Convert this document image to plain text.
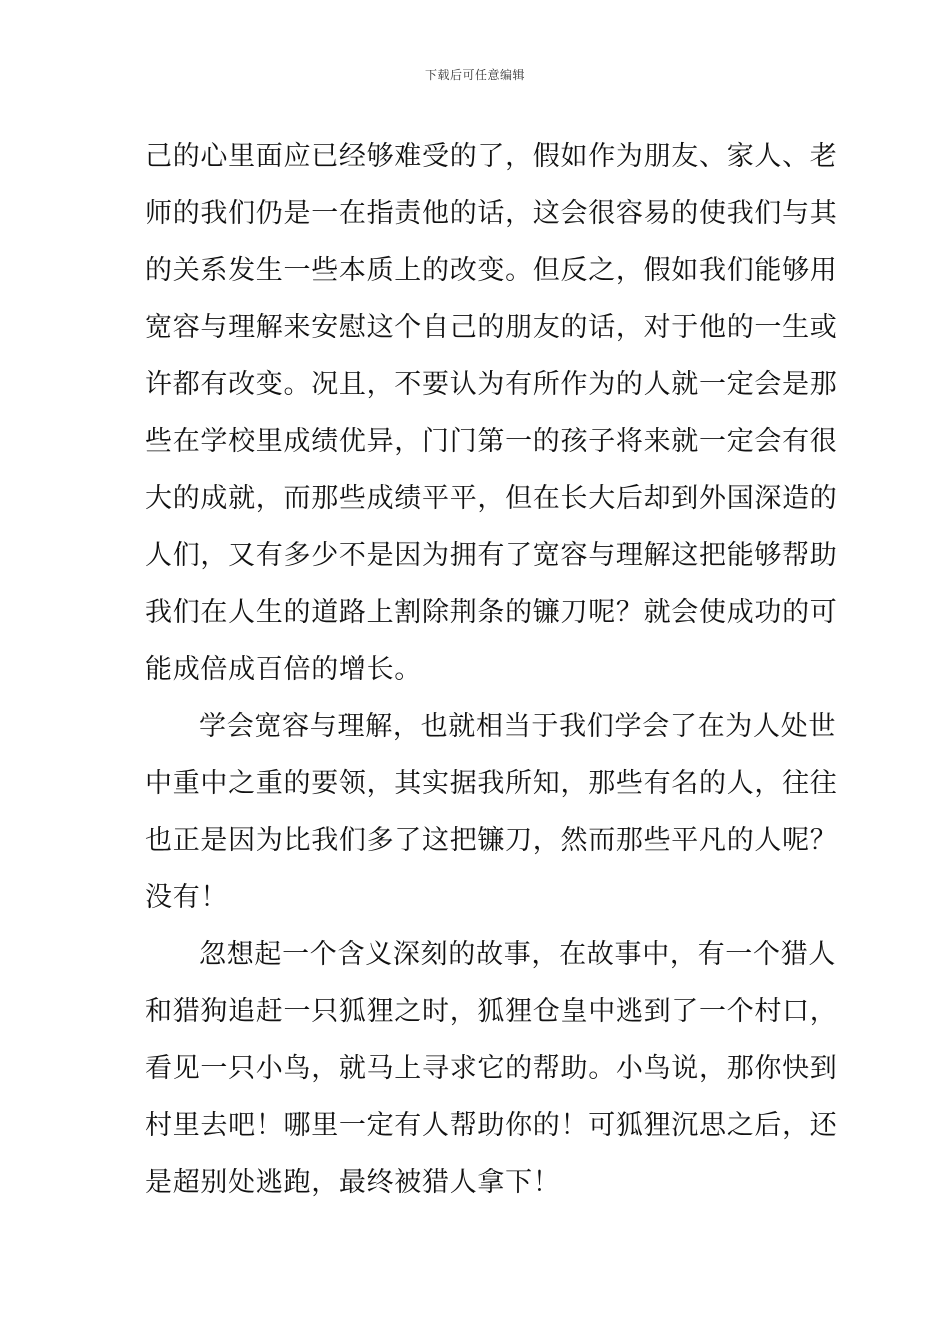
下载后可任意编辑
己的心里面应已经够难受的了，假如作为朋友、家人、老
师的我们仍是一在指责他的话，这会很容易的使我们与其
的关系发生一些本质上的改变。但反之，假如我们能够用
宽容与理解来安慰这个自己的朋友的话，对于他的一生或
许都有改变。况且，不要认为有所作为的人就一定会是那
些在学校里成绩优异，门门第一的孩子将来就一定会有很
大的成就，而那些成绩平平，但在长大后却到外国深造的
人们，又有多少不是因为拥有了宽容与理解这把能够帮助
我们在人生的道路上割除荆条的镰刀呢？就会使成功的可
能成倍成百倍的增长。
学会宽容与理解，也就相当于我们学会了在为人处世
中重中之重的要领，其实据我所知，那些有名的人，往往
也正是因为比我们多了这把镰刀，然而那些平凡的人呢？
没有！
忽想起一个含义深刻的故事，在故事中，有一个猎人
和猎狗追赶一只狐狸之时，狐狸仓皇中逃到了一个村口，
看见一只小鸟，就马上寻求它的帮助。小鸟说，那你快到
村里去吧！哪里一定有人帮助你的！可狐狸沉思之后，还
是超别处逃跑，最终被猎人拿下！
